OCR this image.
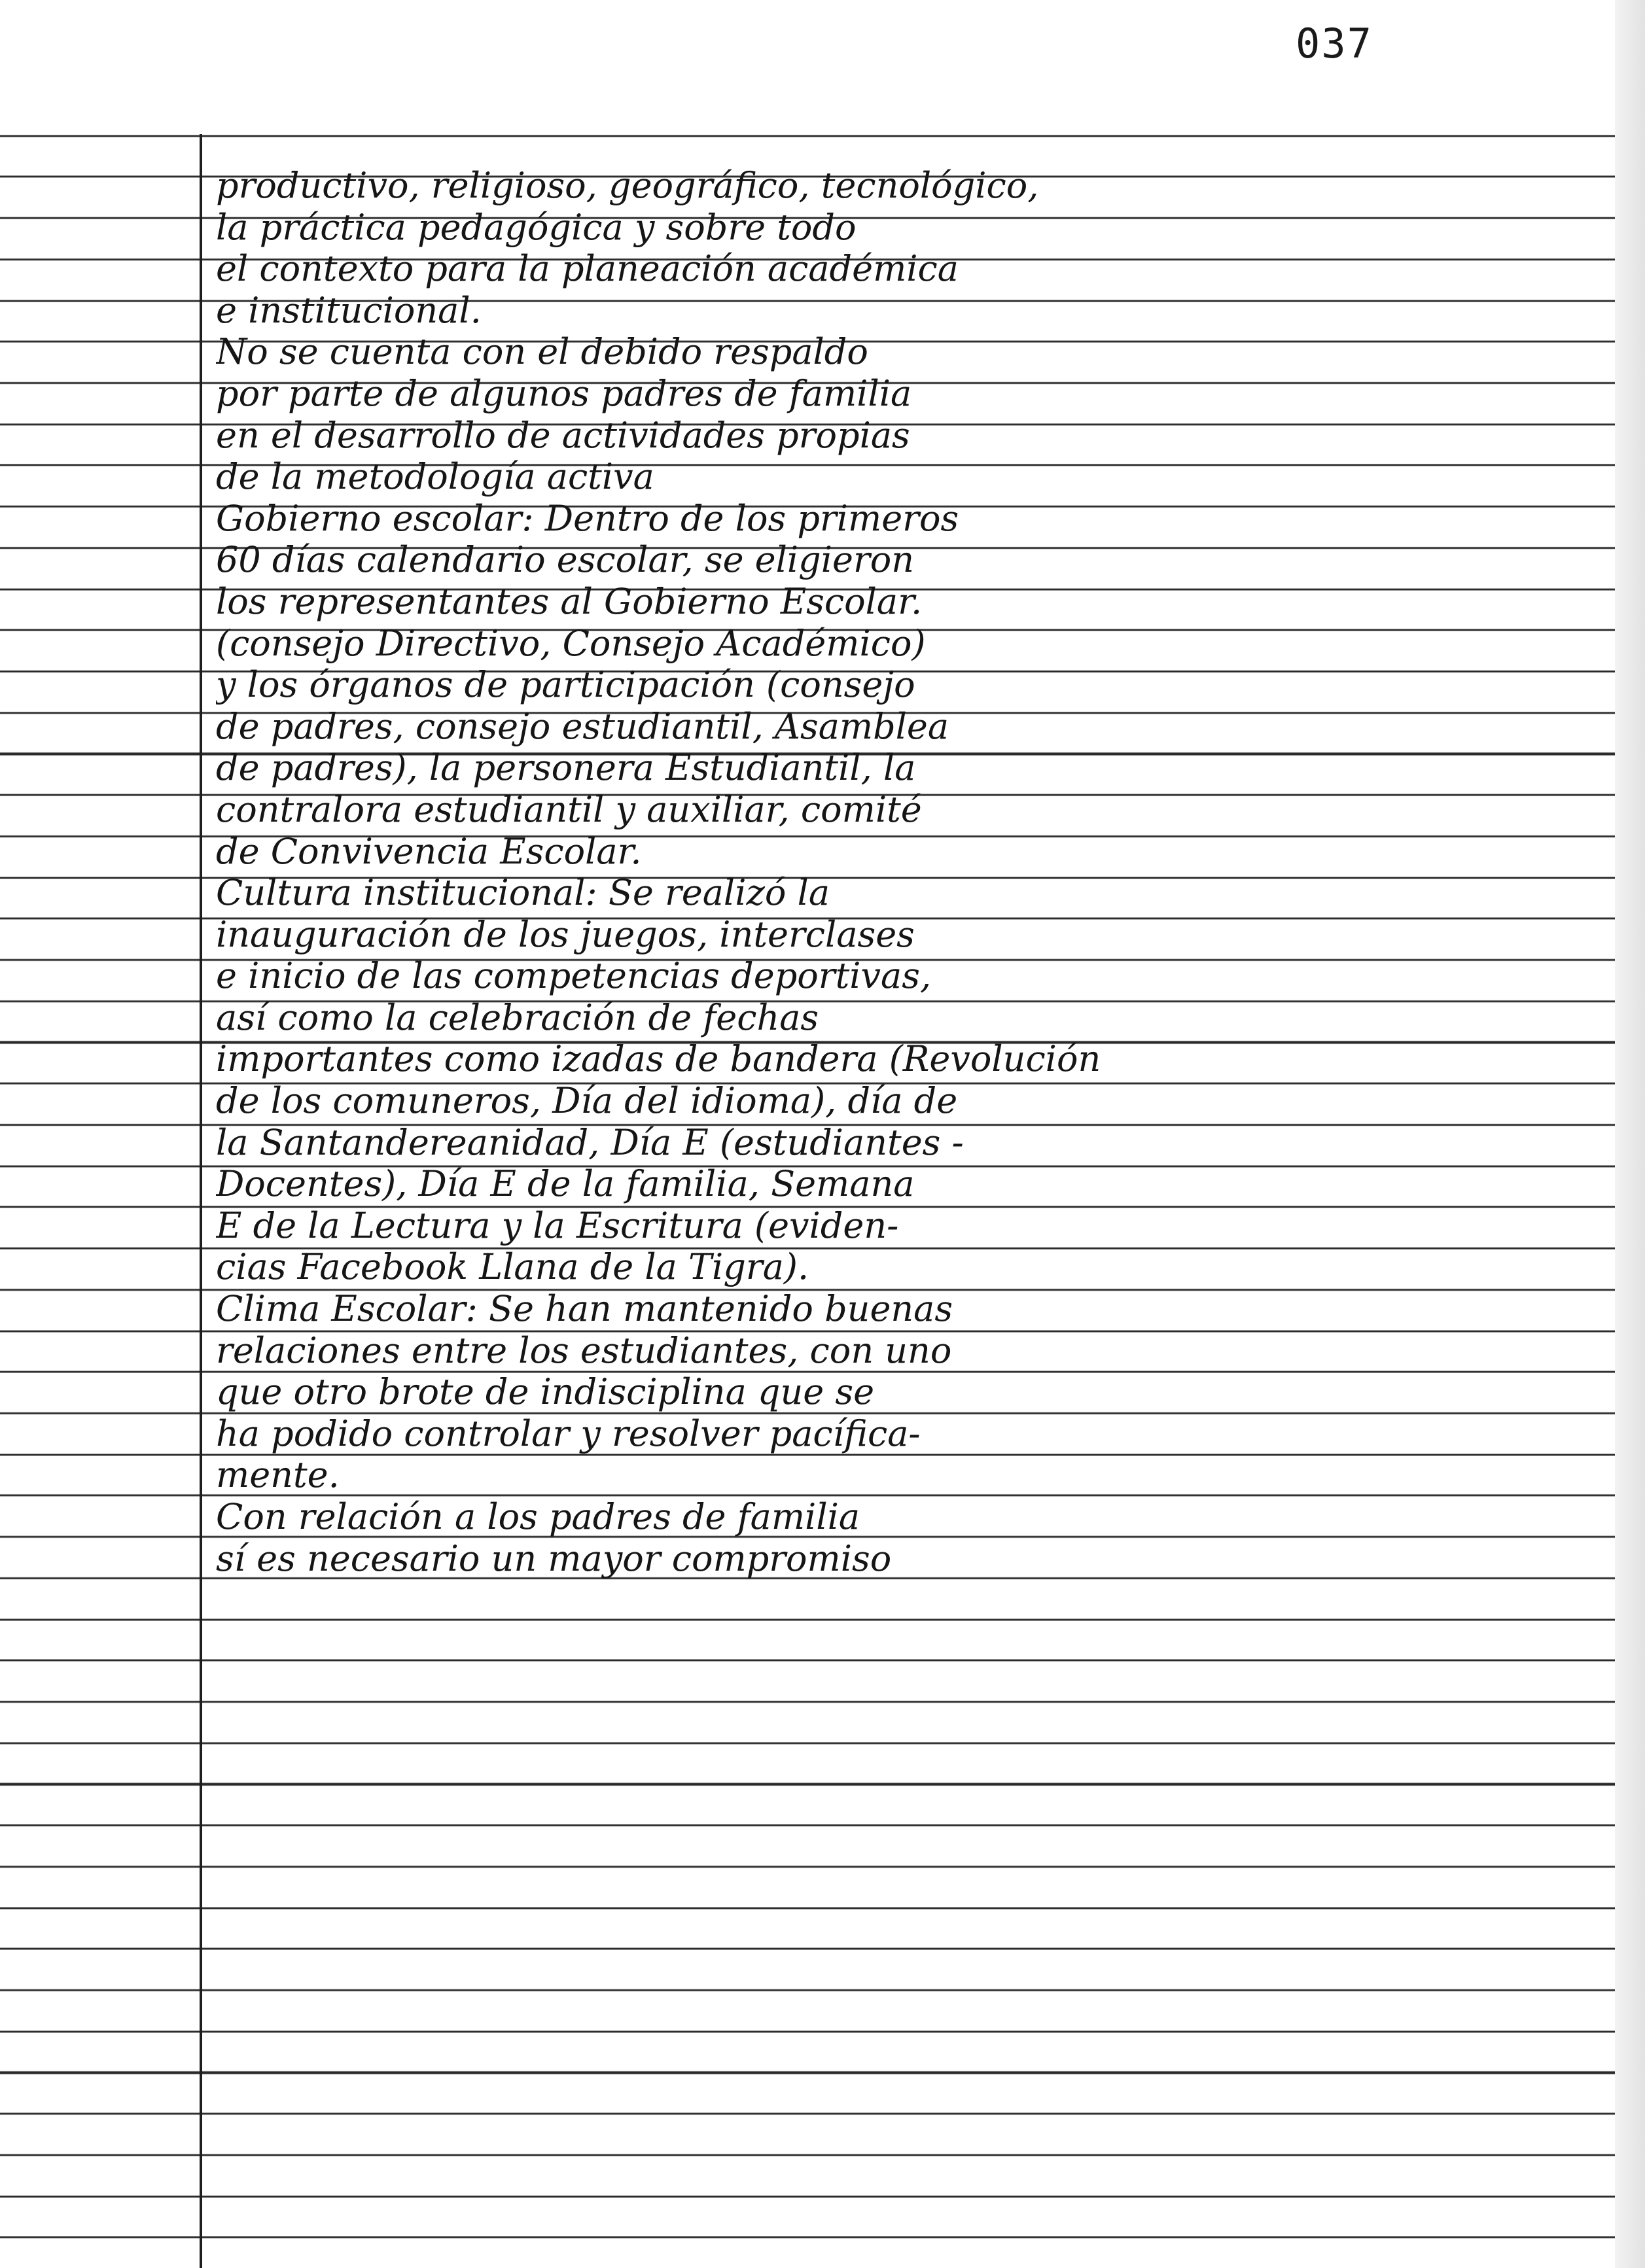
037
productivo, religioso, geográfico, tecnológico,
la práctica pedagógica y sobre todo
el contexto para la planeación académica
e institucional.
No se cuenta con el debido respaldo
por parte de algunos padres de familia
en el desarrollo de actividades propias
de la metodología activa
Gobierno escolar: Dentro de los primeros
60 días calendario escolar, se eligieron
los representantes al Gobierno Escolar.
(consejo Directivo, Consejo Académico)
y los órganos de participación (consejo
de padres, consejo estudiantil, Asamblea
de padres), la personera Estudiantil, la
contralora estudiantil y auxiliar, comité
de Convivencia Escolar.
Cultura institucional: Se realizó la
inauguración de los juegos, interclases
e inicio de las competencias deportivas,
así como la celebración de fechas
importantes como izadas de bandera (Revolución
de los comuneros, Día del idioma), día de
la Santandereanidad, Día E (estudiantes -
Docentes), Día E de la familia, Semana
E de la Lectura y la Escritura (eviden-
cias Facebook Llana de la Tigra).
Clima Escolar: Se han mantenido buenas
relaciones entre los estudiantes, con uno
que otro brote de indisciplina que se
ha podido controlar y resolver pacífica-
mente.
Con relación a los padres de familia
sí es necesario un mayor compromiso
